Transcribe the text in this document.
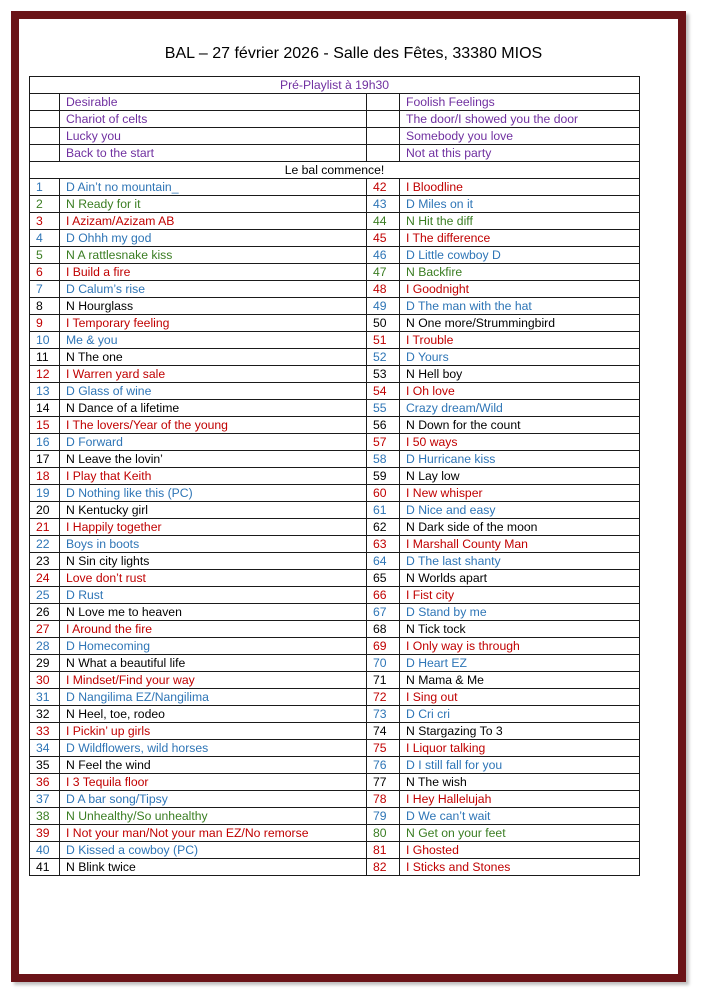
BAL – 27 février 2026 - Salle des Fêtes, 33380 MIOS
Pré-Playlist à 19h30			
	Desirable		Foolish Feelings
	Chariot of celts		The door/I showed you the door
	Lucky you		Somebody you love
	Back to the start		Not at this party
Le bal commence!			
1	D Ain’t no mountain_	42	I Bloodline
2	N Ready for it	43	D Miles on it
3	I Azizam/Azizam AB	44	N Hit the diff
4	D Ohhh my god	45	I The difference
5	N A rattlesnake kiss	46	D Little cowboy D
6	I Build a fire	47	N Backfire
7	D Calum’s rise	48	I Goodnight
8	N Hourglass	49	D The man with the hat
9	I Temporary feeling	50	N One more/Strummingbird
10	Me & you	51	I Trouble
11	N The one	52	D Yours
12	I Warren yard sale	53	N Hell boy
13	D Glass of wine	54	I Oh love
14	N Dance of a lifetime	55	Crazy dream/Wild
15	I The lovers/Year of the young	56	N Down for the count
16	D Forward	57	I 50 ways
17	N Leave the lovin’	58	D Hurricane kiss
18	I Play that Keith	59	N Lay low
19	D Nothing like this (PC)	60	I New whisper
20	N Kentucky girl	61	D Nice and easy
21	I Happily together	62	N Dark side of the moon
22	Boys in boots	63	I Marshall County Man
23	N Sin city lights	64	D The last shanty
24	Love don’t rust	65	N Worlds apart
25	D Rust	66	I Fist city
26	N Love me to heaven	67	D Stand by me
27	I Around the fire	68	N Tick tock
28	D Homecoming	69	I Only way is through
29	N What a beautiful life	70	D Heart EZ
30	I Mindset/Find your way	71	N Mama & Me
31	D Nangilima EZ/Nangilima	72	I Sing out
32	N Heel, toe, rodeo	73	D Cri cri
33	I Pickin’ up girls	74	N Stargazing To 3
34	D Wildflowers, wild horses	75	I Liquor talking
35	N Feel the wind	76	D I still fall for you
36	I 3 Tequila floor	77	N The wish
37	D A bar song/Tipsy	78	I Hey Hallelujah
38	N Unhealthy/So unhealthy	79	D We can’t wait
39	I Not your man/Not your man EZ/No remorse	80	N Get on your feet
40	D Kissed a cowboy (PC)	81	I Ghosted
41	N Blink twice	82	I Sticks and Stones
